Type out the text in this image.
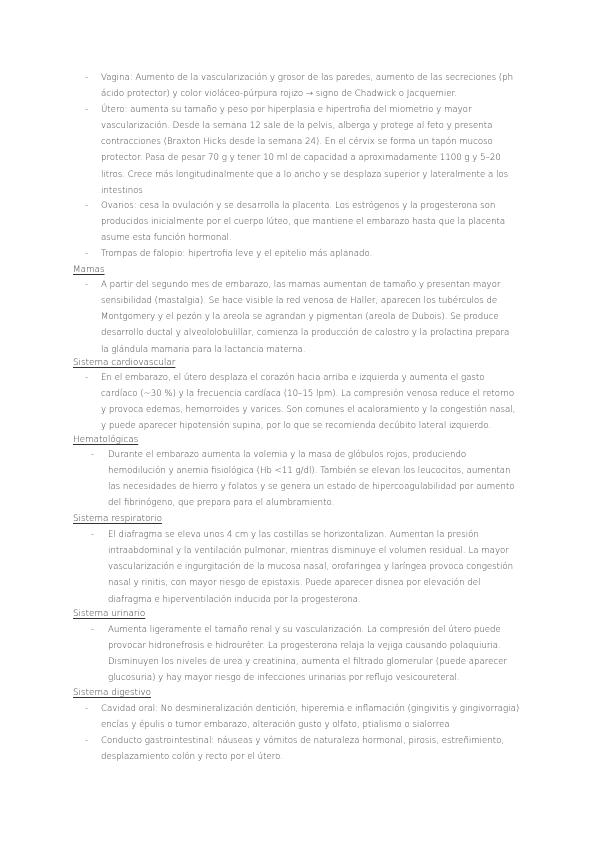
-	Vagina: Aumento de la vascularización y grosor de las paredes, aumento de las secreciones (ph
ácido protector) y color violáceo-púrpura rojizo → signo de Chadwick o Jacquemier.
-	Útero: aumenta su tamaño y peso por hiperplasia e hipertrofia del miometrio y mayor
vascularización. Desde la semana 12 sale de la pelvis, alberga y protege al feto y presenta
contracciones (Braxton Hicks desde la semana 24). En el cérvix se forma un tapón mucoso
protector. Pasa de pesar 70 g y tener 10 ml de capacidad a aproximadamente 1100 g y 5–20
litros. Crece más longitudinalmente que a lo ancho y se desplaza superior y lateralmente a los
intestinos
-	Ovarios: cesa la ovulación y se desarrolla la placenta. Los estrógenos y la progesterona son
producidos inicialmente por el cuerpo lúteo, que mantiene el embarazo hasta que la placenta
asume esta función hormonal.
-	Trompas de falopio: hipertrofia leve y el epitelio más aplanado.
Mamas
-	A partir del segundo mes de embarazo, las mamas aumentan de tamaño y presentan mayor
sensibilidad (mastalgia). Se hace visible la red venosa de Haller, aparecen los tubérculos de
Montgomery y el pezón y la areola se agrandan y pigmentan (areola de Dubois). Se produce
desarrollo ductal y alveololobulillar, comienza la producción de calostro y la prolactina prepara
la glándula mamaria para la lactancia materna.
Sistema cardiovascular
-	En el embarazo, el útero desplaza el corazón hacia arriba e izquierda y aumenta el gasto
cardíaco (~30 %) y la frecuencia cardíaca (10–15 lpm). La compresión venosa reduce el retorno
y provoca edemas, hemorroides y varices. Son comunes el acaloramiento y la congestión nasal,
y puede aparecer hipotensión supina, por lo que se recomienda decúbito lateral izquierdo.
Hematológicas
-	Durante el embarazo aumenta la volemia y la masa de glóbulos rojos, produciendo
hemodilución y anemia fisiológica (Hb <11 g/dl). También se elevan los leucocitos, aumentan
las necesidades de hierro y folatos y se genera un estado de hipercoagulabilidad por aumento
del fibrinógeno, que prepara para el alumbramiento.
Sistema respiratorio
-	El diafragma se eleva unos 4 cm y las costillas se horizontalizan. Aumentan la presión
intraabdominal y la ventilación pulmonar, mientras disminuye el volumen residual. La mayor
vascularización e ingurgitación de la mucosa nasal, orofaringea y laríngea provoca congestión
nasal y rinitis, con mayor riesgo de epistaxis. Puede aparecer disnea por elevación del
diafragma e hiperventilación inducida por la progesterona.
Sistema urinario
-	Aumenta ligeramente el tamaño renal y su vascularización. La compresión del útero puede
provocar hidronefrosis e hidrouréter. La progesterona relaja la vejiga causando polaquiuria.
Disminuyen los niveles de urea y creatinina, aumenta el filtrado glomerular (puede aparecer
glucosuria) y hay mayor riesgo de infecciones urinarias por reflujo vesicoureteral.
Sistema digestivo
-	Cavidad oral: No desmineralización dentición, hiperemia e inflamación (gingivitis y gingivorragia)
encías y épulis o tumor embarazo, alteración gusto y olfato, ptialismo o sialorrea
-	Conducto gastrointestinal: náuseas y vómitos de naturaleza hormonal, pirosis, estreñimiento,
desplazamiento colón y recto por el útero.
